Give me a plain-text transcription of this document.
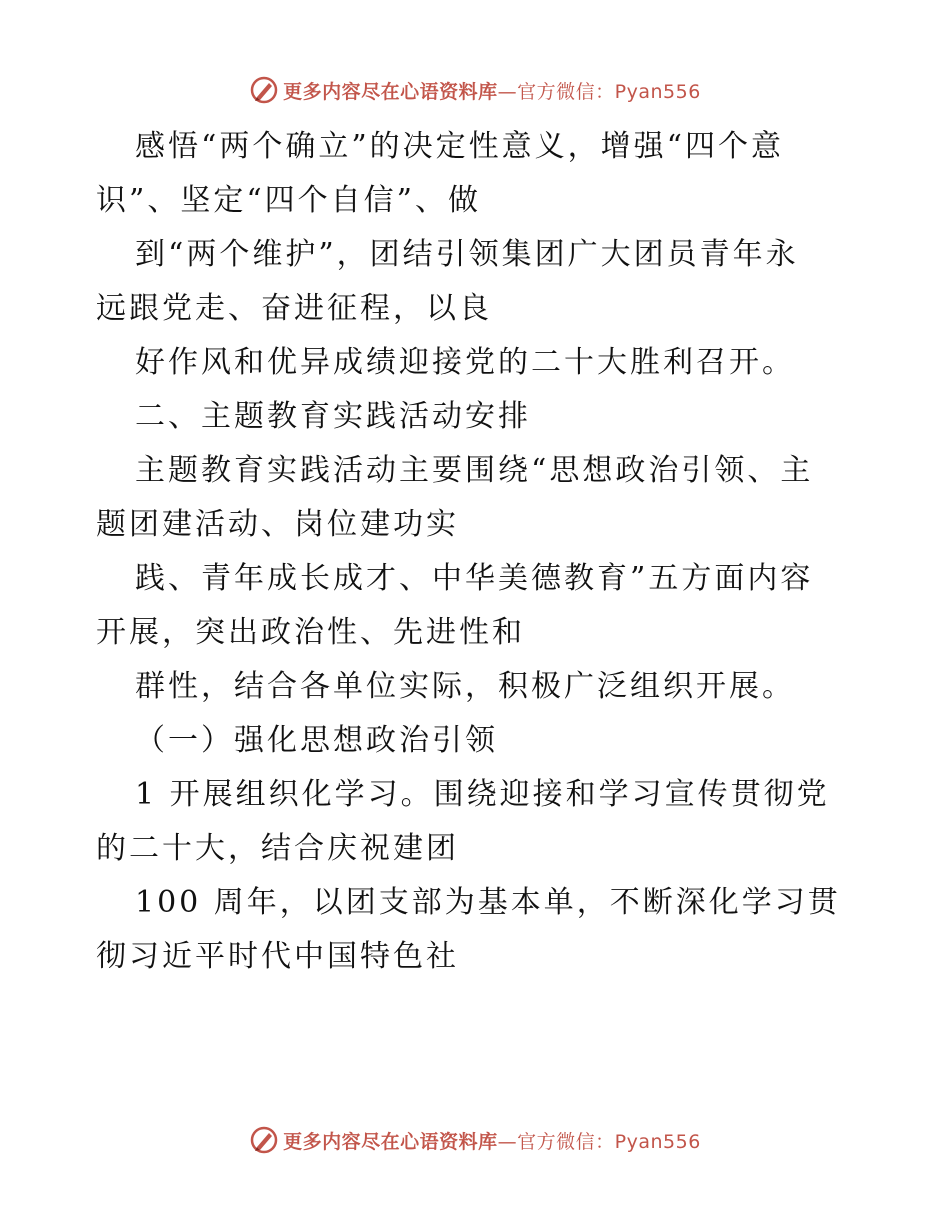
更多内容尽在心语资料库—官方微信：Pyan556
感悟“两个确立”的决定性意义，增强“四个意
识”、坚定“四个自信”、做
到“两个维护”，团结引领集团广大团员青年永
远跟党走、奋进征程，以良
好作风和优异成绩迎接党的二十大胜利召开。
二、主题教育实践活动安排
主题教育实践活动主要围绕“思想政治引领、主
题团建活动、岗位建功实
践、青年成长成才、中华美德教育”五方面内容
开展，突出政治性、先进性和
群性，结合各单位实际，积极广泛组织开展。
（一）强化思想政治引领
1 开展组织化学习。围绕迎接和学习宣传贯彻党
的二十大，结合庆祝建团
100 周年，以团支部为基本单，不断深化学习贯
彻习近平时代中国特色社
更多内容尽在心语资料库—官方微信：Pyan556
